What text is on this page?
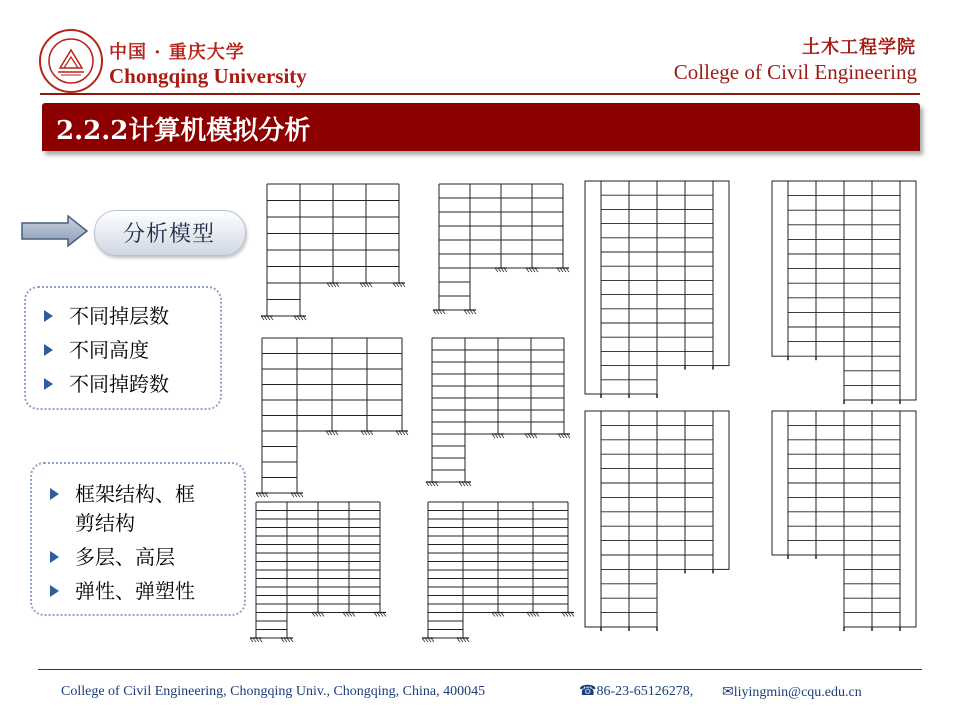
中国 · 重庆大学
Chongqing University
土木工程学院
College of Civil Engineering
2.2.2计算机模拟分析
分析模型
不同掉层数
不同高度
不同掉跨数
框架结构、框
剪结构
多层、高层
弹性、弹塑性
College of Civil Engineering, Chongqing Univ., Chongqing, China, 400045	☎86-23-65126278, ✉liyingmin@cqu.edu.cn
